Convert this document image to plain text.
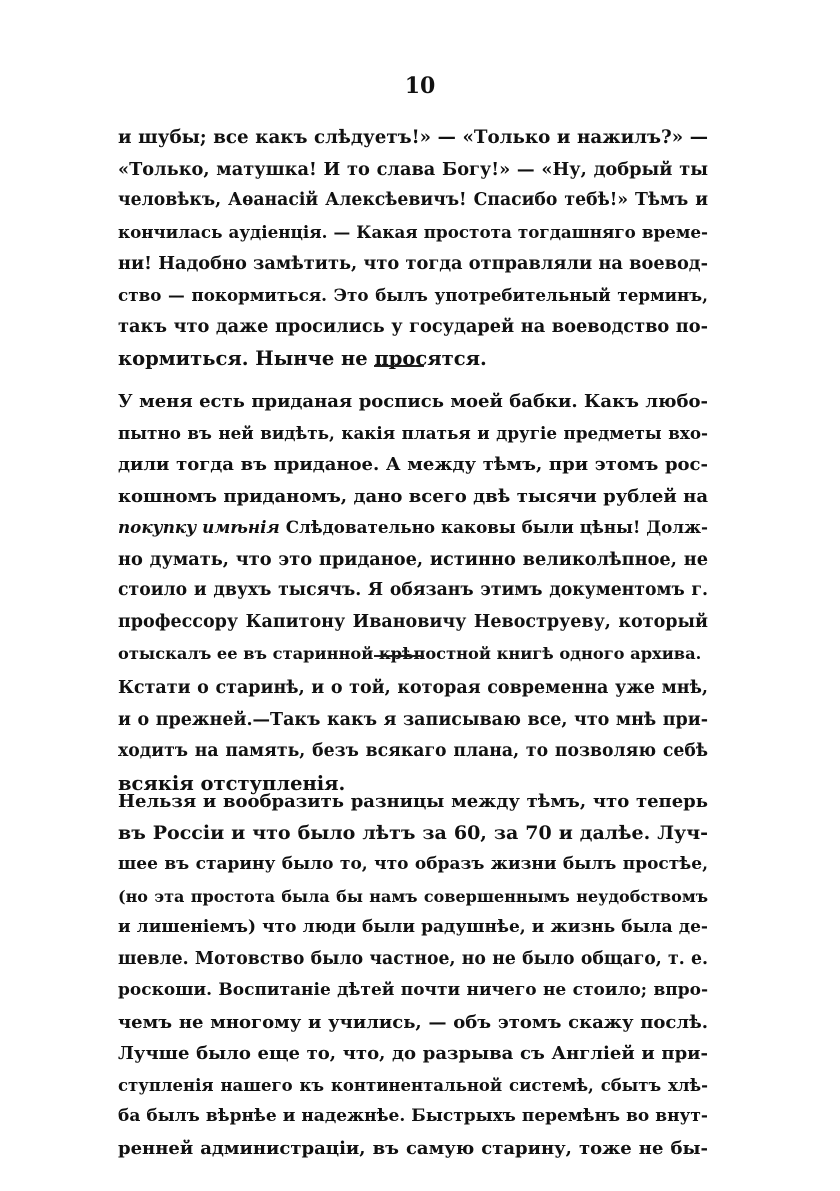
10
и шубы; все какъ слѣдуетъ!» — «Только и нажилъ?» —
«Только, матушка! И то слава Богу!» — «Ну, добрый ты
человѣкъ, Аѳанасій Алексѣевичъ! Спасибо тебѣ!» Тѣмъ и
кончилась аудіенція. — Какая простота тогдашняго време-
ни! Надобно замѣтить, что тогда отправляли на воевод-
ство — покормиться. Это былъ употребительный терминъ,
такъ что даже просились у государей на воеводство по-
кормиться. Нынче не просятся.
У меня есть приданая роспись моей бабки. Какъ любо-
пытно въ ней видѣть, какія платья и другіе предметы вхо-
дили тогда въ приданое. А между тѣмъ, при этомъ рос-
кошномъ приданомъ, дано всего двѣ тысячи рублей на
покупку имѣнія Слѣдовательно каковы были цѣны! Долж-
но думать, что это приданое, истинно великолѣпное, не
стоило и двухъ тысячъ. Я обязанъ этимъ документомъ г.
профессору Капитону Ивановичу Невоструеву, который
отыскалъ ее въ старинной крѣпостной книгѣ одного архива.
Кстати о старинѣ, и о той, которая современна уже мнѣ,
и о прежней.—Такъ какъ я записываю все, что мнѣ при-
ходитъ на память, безъ всякаго плана, то позволяю себѣ
всякія отступленія.
Нельзя и вообразить разницы между тѣмъ, что теперь
въ Россіи и что было лѣтъ за 60, за 70 и далѣе. Луч-
шее въ старину было то, что образъ жизни былъ простѣе,
(но эта простота была бы намъ совершеннымъ неудобствомъ
и лишеніемъ) что люди были радушнѣе, и жизнь была де-
шевле. Мотовство было частное, но не было общаго, т. е.
роскоши. Воспитаніе дѣтей почти ничего не стоило; впро-
чемъ не многому и учились, — объ этомъ скажу послѣ.
Лучше было еще то, что, до разрыва съ Англіей и при-
ступленія нашего къ континентальной системѣ, сбытъ хлѣ-
ба былъ вѣрнѣе и надежнѣе. Быстрыхъ перемѣнъ во внут-
ренней администраціи, въ самую старину, тоже не бы-
